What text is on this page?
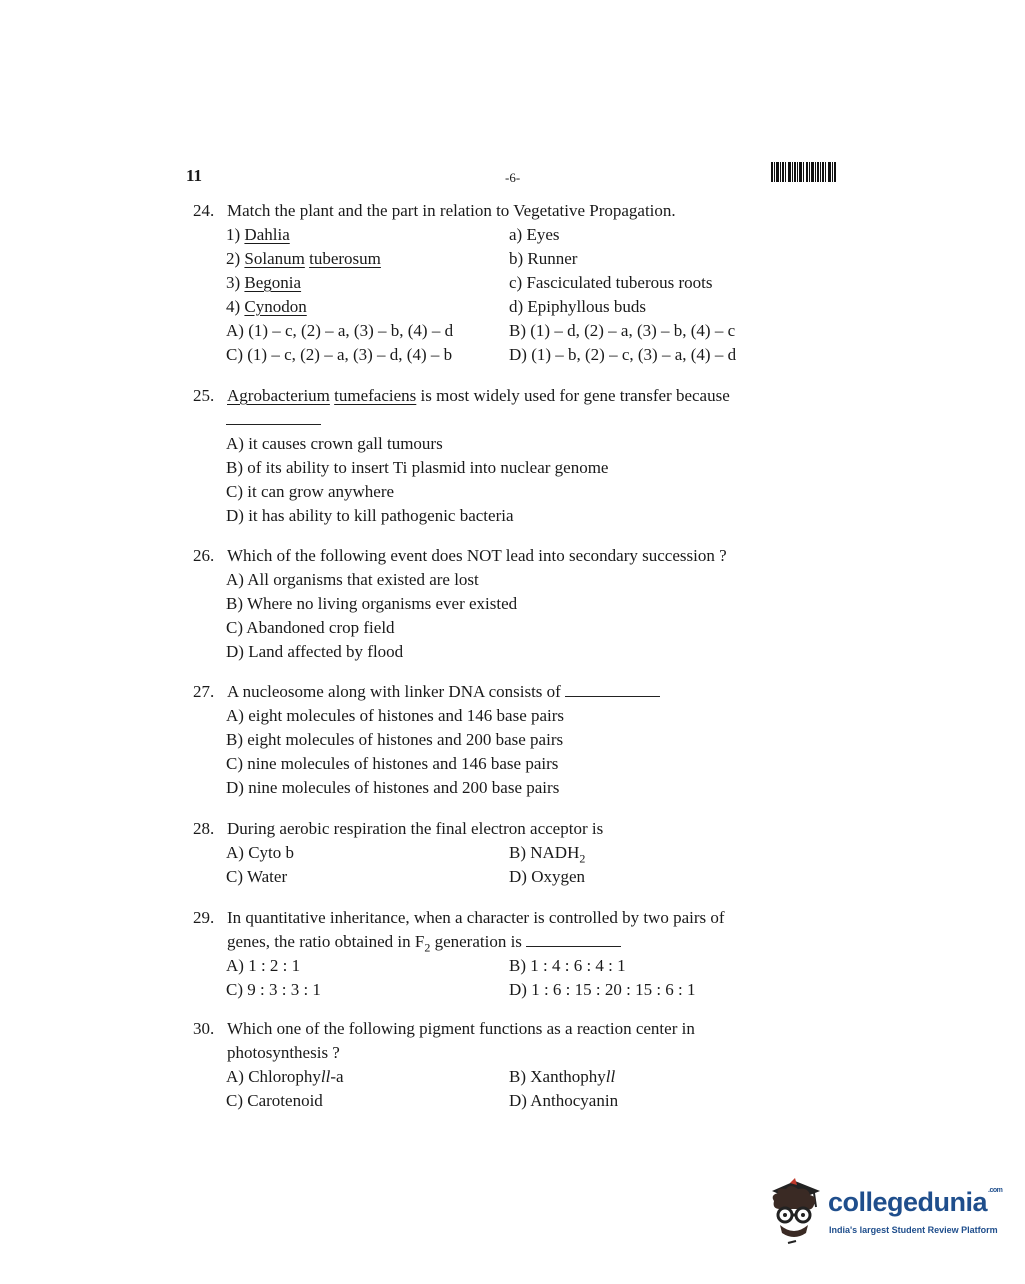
11	-6-
24. Match the plant and the part in relation to Vegetative Propagation.
1) Dahlia	a) Eyes
2) Solanum tuberosum	b) Runner
3) Begonia	c) Fasciculated tuberous roots
4) Cynodon	d) Epiphyllous buds
A) (1) – c, (2) – a, (3) – b, (4) – d	B) (1) – d, (2) – a, (3) – b, (4) – c
C) (1) – c, (2) – a, (3) – d, (4) – b	D) (1) – b, (2) – c, (3) – a, (4) – d
25. Agrobacterium tumefaciens is most widely used for gene transfer because
A) it causes crown gall tumours
B) of its ability to insert Ti plasmid into nuclear genome
C) it can grow anywhere
D) it has ability to kill pathogenic bacteria
26. Which of the following event does NOT lead into secondary succession ?
A) All organisms that existed are lost
B) Where no living organisms ever existed
C) Abandoned crop field
D) Land affected by flood
27. A nucleosome along with linker DNA consists of
A) eight molecules of histones and 146 base pairs
B) eight molecules of histones and 200 base pairs
C) nine molecules of histones and 146 base pairs
D) nine molecules of histones and 200 base pairs
28. During aerobic respiration the final electron acceptor is
A) Cyto b	B) $NADH_2$
C) Water	D) Oxygen
29. In quantitative inheritance, when a character is controlled by two pairs of
genes, the ratio obtained in $F_2$ generation is
A) 1 : 2 : 1	B) 1 : 4 : 6 : 4 : 1
C) 9 : 3 : 3 : 1	D) 1 : 6 : 15 : 20 : 15 : 6 : 1
30. Which one of the following pigment functions as a reaction center in
photosynthesis ?
A) Chlorophyll-a	B) Xanthophyll
C) Carotenoid	D) Anthocyanin
collegedunia$^{.com}$
India's largest Student Review Platform
